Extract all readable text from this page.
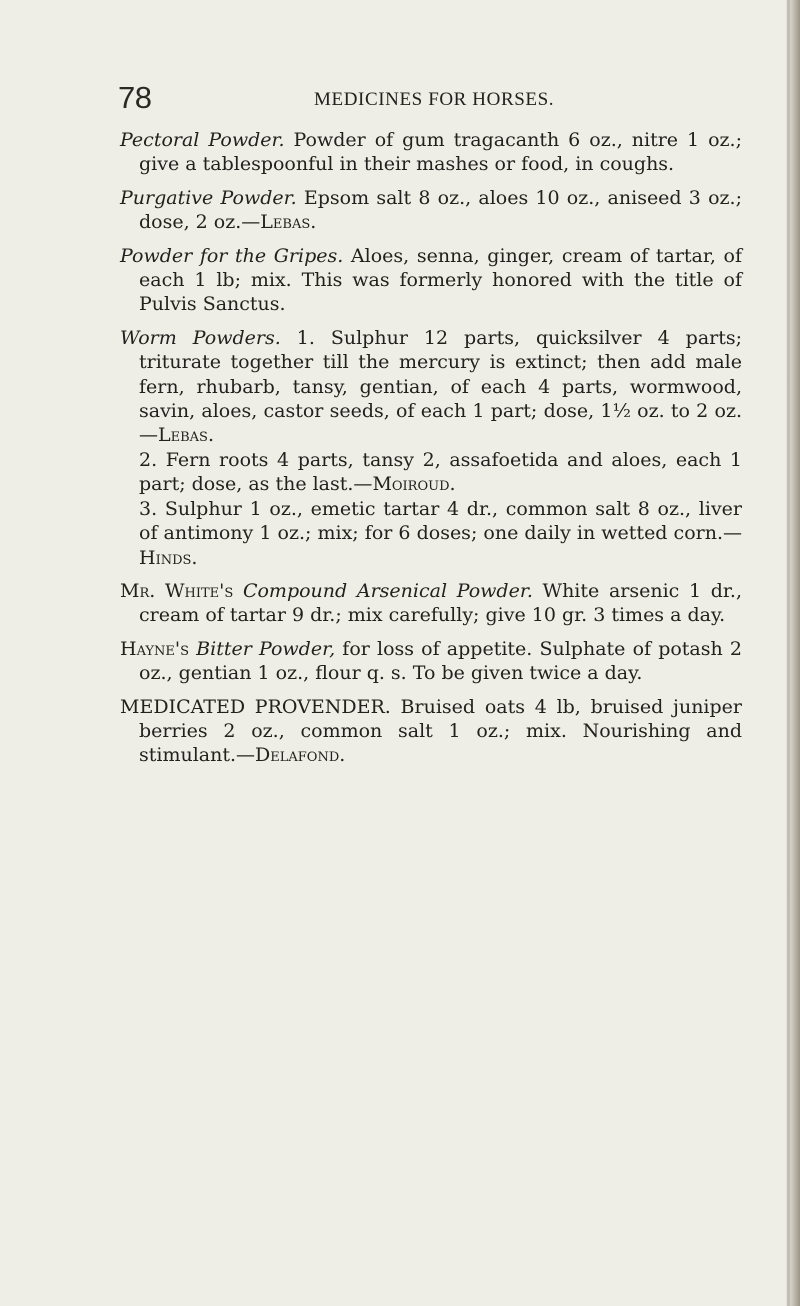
78	MEDICINES FOR HORSES.

Pectoral Powder. Powder of gum tragacanth 6 oz., nitre 1 oz.; give a tablespoonful in their mashes or food, in coughs.

Purgative Powder. Epsom salt 8 oz., aloes 10 oz., aniseed 3 oz.; dose, 2 oz.—Lebas.

Powder for the Gripes. Aloes, senna, ginger, cream of tartar, of each 1 lb; mix. This was formerly honored with the title of Pulvis Sanctus.

Worm Powders. 1. Sulphur 12 parts, quicksilver 4 parts; triturate together till the mercury is extinct; then add male fern, rhubarb, tansy, gentian, of each 4 parts, wormwood, savin, aloes, castor seeds, of each 1 part; dose, 1½ oz. to 2 oz.—Lebas.

2. Fern roots 4 parts, tansy 2, assafoetida and aloes, each 1 part; dose, as the last.—Moiroud.

3. Sulphur 1 oz., emetic tartar 4 dr., common salt 8 oz., liver of antimony 1 oz.; mix; for 6 doses; one daily in wetted corn.—Hinds.

Mr. White's Compound Arsenical Powder. White arsenic 1 dr., cream of tartar 9 dr.; mix carefully; give 10 gr. 3 times a day.

Hayne's Bitter Powder, for loss of appetite. Sulphate of potash 2 oz., gentian 1 oz., flour q. s. To be given twice a day.

MEDICATED PROVENDER. Bruised oats 4 lb, bruised juniper berries 2 oz., common salt 1 oz.; mix. Nourishing and stimulant.—Delafond.
